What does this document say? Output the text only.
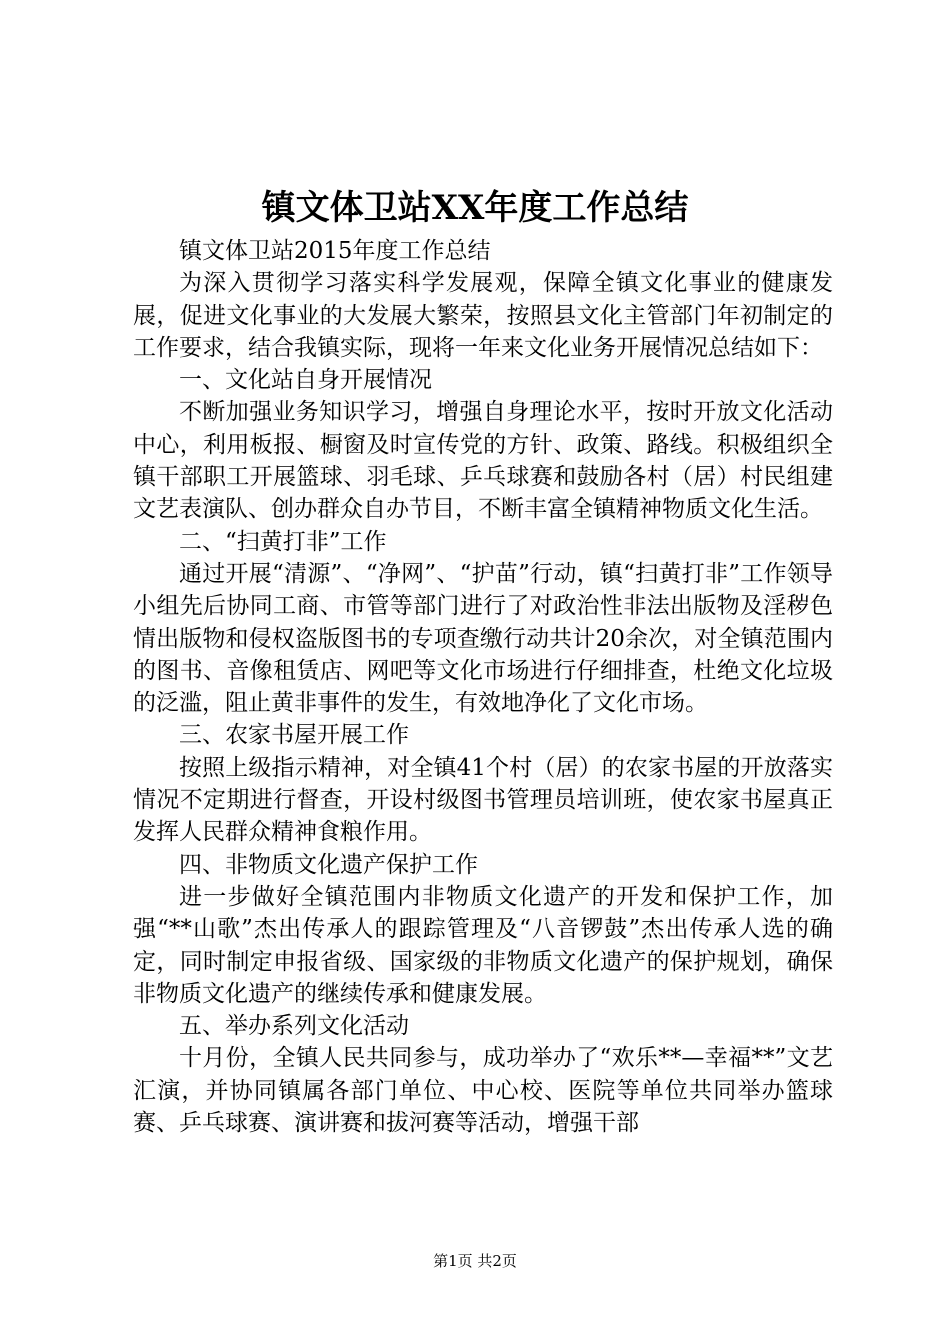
镇文体卫站XX年度工作总结

镇文体卫站2015年度工作总结

为深入贯彻学习落实科学发展观，保障全镇文化事业的健康发展，促进文化事业的大发展大繁荣，按照县文化主管部门年初制定的工作要求，结合我镇实际，现将一年来文化业务开展情况总结如下：

一、文化站自身开展情况

不断加强业务知识学习，增强自身理论水平，按时开放文化活动中心，利用板报、橱窗及时宣传党的方针、政策、路线。积极组织全镇干部职工开展篮球、羽毛球、乒乓球赛和鼓励各村（居）村民组建文艺表演队、创办群众自办节目，不断丰富全镇精神物质文化生活。

二、“扫黄打非”工作

通过开展“清源”、“净网”、“护苗”行动，镇“扫黄打非”工作领导小组先后协同工商、市管等部门进行了对政治性非法出版物及淫秽色情出版物和侵权盗版图书的专项查缴行动共计20余次，对全镇范围内的图书、音像租赁店、网吧等文化市场进行仔细排查，杜绝文化垃圾的泛滥，阻止黄非事件的发生，有效地净化了文化市场。

三、农家书屋开展工作

按照上级指示精神，对全镇41个村（居）的农家书屋的开放落实情况不定期进行督查，开设村级图书管理员培训班，使农家书屋真正发挥人民群众精神食粮作用。

四、非物质文化遗产保护工作

进一步做好全镇范围内非物质文化遗产的开发和保护工作，加强“**山歌”杰出传承人的跟踪管理及“八音锣鼓”杰出传承人选的确定，同时制定申报省级、国家级的非物质文化遗产的保护规划，确保非物质文化遗产的继续传承和健康发展。

五、举办系列文化活动

十月份，全镇人民共同参与，成功举办了“欢乐**—幸福**”文艺汇演，并协同镇属各部门单位、中心校、医院等单位共同举办篮球赛、乒乓球赛、演讲赛和拔河赛等活动，增强干部

第1页 共2页
